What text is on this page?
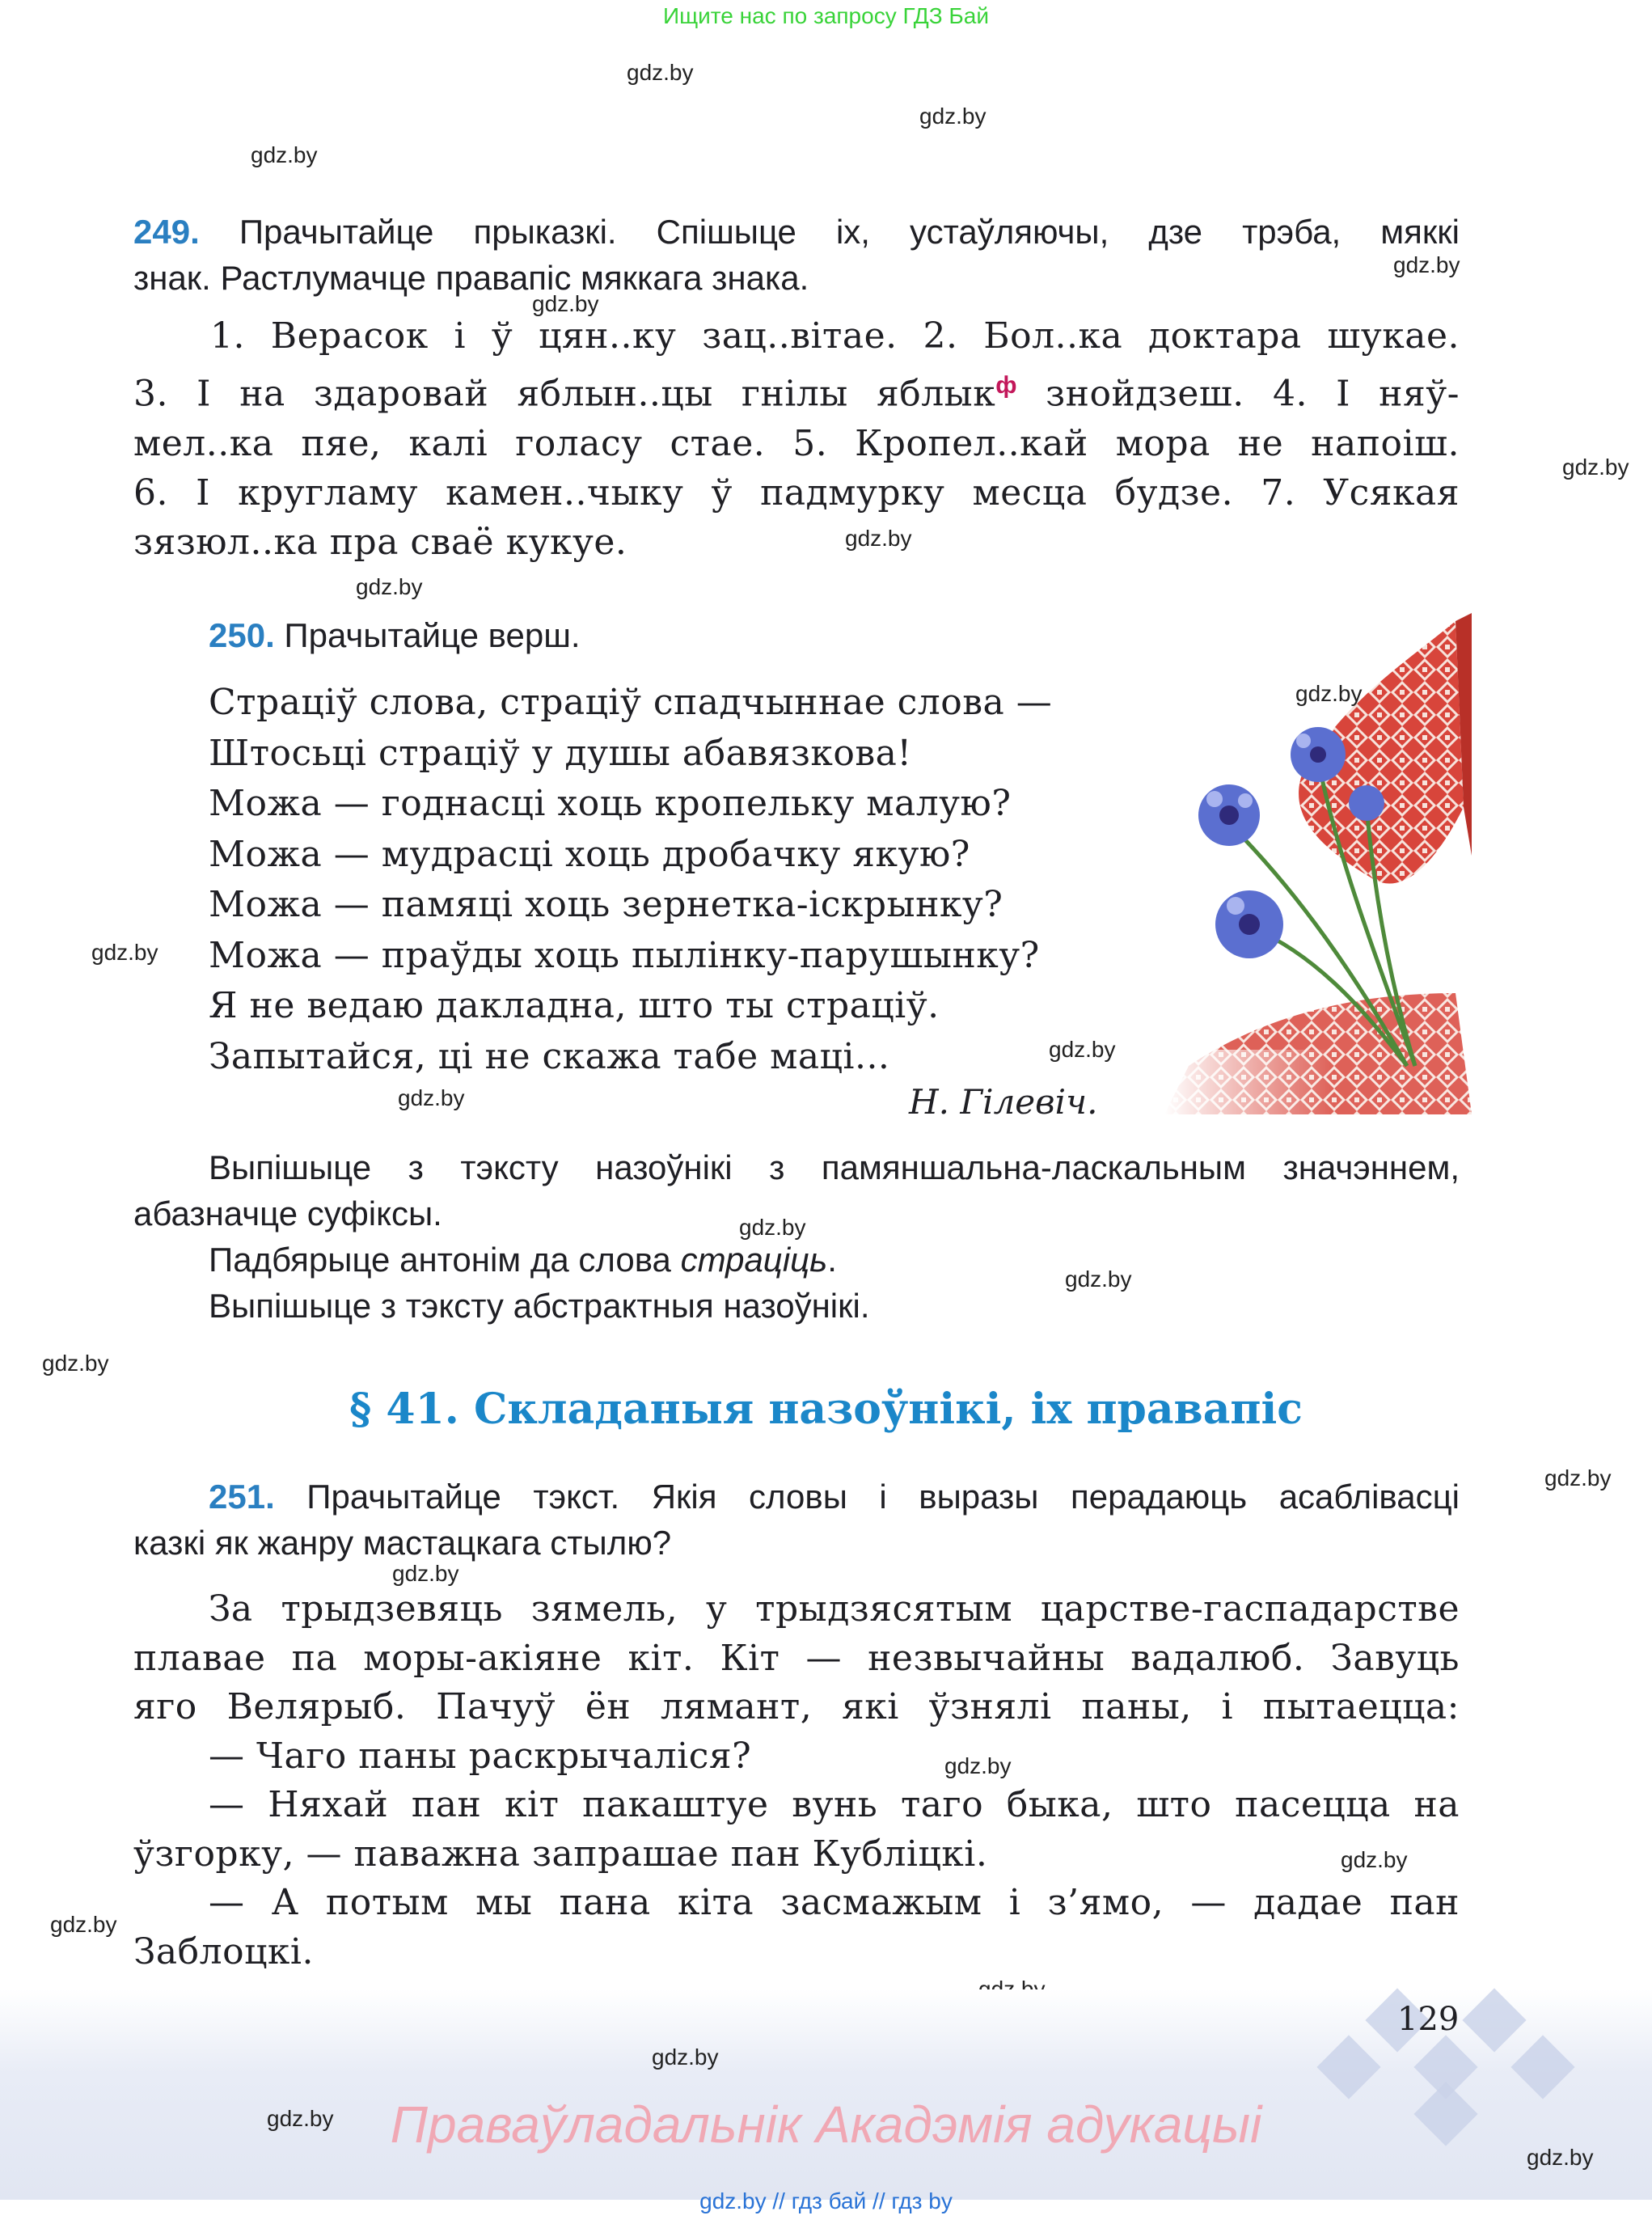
Ищите нас по запросу ГДЗ Бай
gdz.by
gdz.by
gdz.by
gdz.by
gdz.by
gdz.by
gdz.by
gdz.by
gdz.by
gdz.by
gdz.by
gdz.by
gdz.by
gdz.by
gdz.by
gdz.by
gdz.by
gdz.by
gdz.by
gdz.by
249. Прачытайце прыказкі. Спішыце іх, устаўляючы, дзе трэба, мяккі
знак. Растлумачце правапіс мяккага знака.
1. Верасок і ў цян..ку зац..вітае. 2. Бол..ка доктара шукае.
3. І на здаровай яблын..цы гнілы яблык$^ф$ знойдзеш. 4. І няў-
мел..ка пяе, калі голасу стае. 5. Кропел..кай мора не напоіш.
6. І кругламу камен..чыку ў падмурку месца будзе. 7. Усякая
зязюл..ка пра сваё кукуе.
250. Прачытайце верш.
Страціў слова, страціў спадчыннае слова —
Штосьці страціў у душы абавязкова!
Можа — годнасці хоць кропельку малую?
Можа — мудрасці хоць дробачку якую?
Можа — памяці хоць зернетка-іскрынку?
Можа — праўды хоць пылінку-парушынку?
Я не ведаю дакладна, што ты страціў.
Запытайся, ці не скажа табе маці...
Н. Гілевіч.
Выпішыце з тэксту назоўнікі з памяншальна-ласкальным значэннем,
абазначце суфіксы.
Падбярыце антонім да слова страціць.
Выпішыце з тэксту абстрактныя назоўнікі.
§ 41. Складаныя назоўнікі, іх правапіс
251. Прачытайце тэкст. Якія словы і выразы перадаюць асаблівасці
казкі як жанру мастацкага стылю?
За трыдзевяць зямель, у трыдзясятым царстве-гаспадарстве
плавае па моры-акіяне кіт. Кіт — незвычайны вадалюб. Завуць
яго Велярыб. Пачуў ён лямант, які ўзнялі паны, і пытаецца:
— Чаго паны раскрычаліся?
— Няхай пан кіт пакаштуе вунь таго быка, што пасецца на
ўзгорку, — паважна запрашае пан Кубліцкі.
— А потым мы пана кіта засмажым і з’ямо, — дадае пан
Заблоцкі.
129
gdz.by
gdz.by
gdz.by
Праваўладальнік Акадэмія адукацыі
gdz.by // гдз бай // гдз by
